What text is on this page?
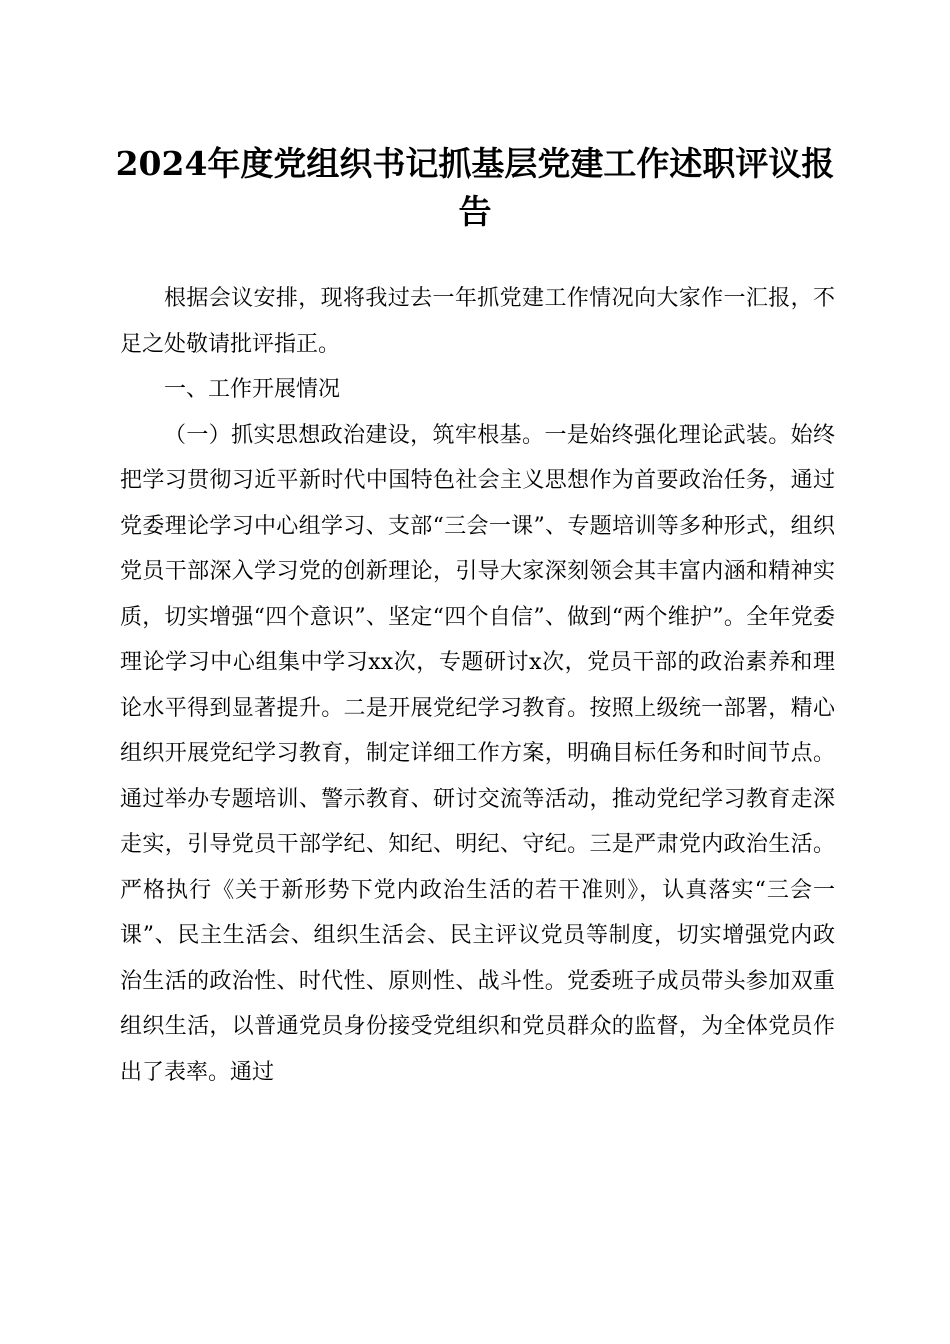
2024年度党组织书记抓基层党建工作述职评议报告

根据会议安排，现将我过去一年抓党建工作情况向大家作一汇报，不足之处敬请批评指正。

一、工作开展情况

（一）抓实思想政治建设，筑牢根基。一是始终强化理论武装。始终把学习贯彻习近平新时代中国特色社会主义思想作为首要政治任务，通过党委理论学习中心组学习、支部“三会一课”、专题培训等多种形式，组织党员干部深入学习党的创新理论，引导大家深刻领会其丰富内涵和精神实质，切实增强“四个意识”、坚定“四个自信”、做到“两个维护”。全年党委理论学习中心组集中学习xx次，专题研讨x次，党员干部的政治素养和理论水平得到显著提升。二是开展党纪学习教育。按照上级统一部署，精心组织开展党纪学习教育，制定详细工作方案，明确目标任务和时间节点。通过举办专题培训、警示教育、研讨交流等活动，推动党纪学习教育走深走实，引导党员干部学纪、知纪、明纪、守纪。三是严肃党内政治生活。严格执行《关于新形势下党内政治生活的若干准则》，认真落实“三会一课”、民主生活会、组织生活会、民主评议党员等制度，切实增强党内政治生活的政治性、时代性、原则性、战斗性。党委班子成员带头参加双重组织生活，以普通党员身份接受党组织和党员群众的监督，为全体党员作出了表率。通过
